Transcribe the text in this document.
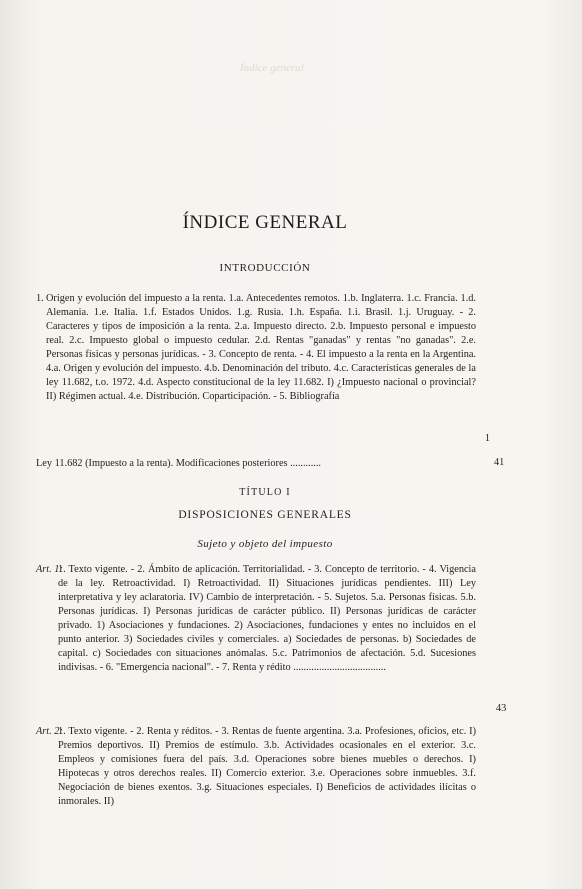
Índice general
ÍNDICE GENERAL
INTRODUCCIÓN
1. Origen y evolución del impuesto a la renta. 1.a. Antecedentes remotos. 1.b. Inglaterra. 1.c. Francia. 1.d. Alemania. 1.e. Italia. 1.f. Estados Unidos. 1.g. Rusia. 1.h. España. 1.i. Brasil. 1.j. Uruguay. - 2. Caracteres y tipos de imposición a la renta. 2.a. Impuesto directo. 2.b. Impuesto personal e impuesto real. 2.c. Impuesto global o impuesto cedular. 2.d. Rentas "ganadas" y rentas "no ganadas". 2.e. Personas físicas y personas jurídicas. - 3. Concepto de renta. - 4. El impuesto a la renta en la Argentina. 4.a. Origen y evolución del impuesto. 4.b. Denominación del tributo. 4.c. Características generales de la ley 11.682, t.o. 1972. 4.d. Aspecto constitucional de la ley 11.682. I) ¿Impuesto nacional o provincial? II) Régimen actual. 4.e. Distribución. Coparticipación. - 5. Bibliografía
1
Ley 11.682 (Impuesto a la renta). Modificaciones posteriores ............	41
TÍTULO I
DISPOSICIONES GENERALES
Sujeto y objeto del impuesto
Art. 1:
1. Texto vigente. - 2. Ámbito de aplicación. Territorialidad. - 3. Concepto de territorio. - 4. Vigencia de la ley. Retroactividad. I) Retroactividad. II) Situaciones jurídicas pendientes. III) Ley interpretativa y ley aclaratoria. IV) Cambio de interpretación. - 5. Sujetos. 5.a. Personas físicas. 5.b. Personas jurídicas. I) Personas jurídicas de carácter público. II) Personas jurídicas de carácter privado. 1) Asociaciones y fundaciones. 2) Asociaciones, fundaciones y entes no incluidos en el punto anterior. 3) Sociedades civiles y comerciales. a) Sociedades de personas. b) Sociedades de capital. c) Sociedades con situaciones anómalas. 5.c. Patrimonios de afectación. 5.d. Sucesiones indivisas. - 6. "Emergencia nacional". - 7. Renta y rédito ....................................
43
Art. 2:
1. Texto vigente. - 2. Renta y réditos. - 3. Rentas de fuente argentina. 3.a. Profesiones, oficios, etc. I) Premios deportivos. II) Premios de estímulo. 3.b. Actividades ocasionales en el exterior. 3.c. Empleos y comisiones fuera del país. 3.d. Operaciones sobre bienes muebles o derechos. I) Hipotecas y otros derechos reales. II) Comercio exterior. 3.e. Operaciones sobre inmuebles. 3.f. Negociación de bienes exentos. 3.g. Situaciones especiales. I) Beneficios de actividades ilícitas o inmorales. II)
